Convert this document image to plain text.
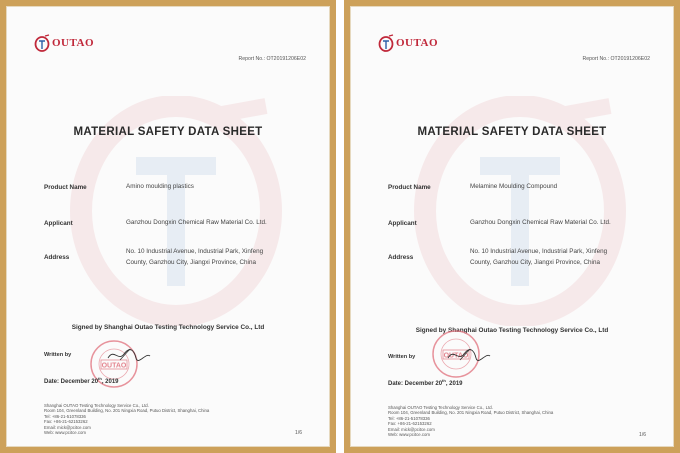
OUTAO
Report No.: OT20191206E02
MATERIAL SAFETY DATA SHEET
Product Name	Amino moulding plastics
Applicant	Ganzhou Dongxin Chemical Raw Material Co. Ltd.
Address
No. 10 Industrial Avenue, Industrial Park, Xinfeng
County, Ganzhou City, Jiangxi Province, China
Signed by Shanghai Outao Testing Technology Service Co., Ltd
Written by
OUTAO
Date: December 20th, 2019
Shanghai OUTAO Testing Technology Service Co., Ltd.
Room 104, Greenland Building, No. 201 Ningxia Road, Putuo District, Shanghai, China
Tel: +86-21-51078336
Fax: +86-21-62153262
Email: mick@pcitce.com
Web: www.pcitce.com	1/6
OUTAO
Report No.: OT20191206E02
MATERIAL SAFETY DATA SHEET
Product Name	Melamine Moulding Compound
Applicant	Ganzhou Dongxin Chemical Raw Material Co. Ltd.
Address
No. 10 Industrial Avenue, Industrial Park, Xinfeng
County, Ganzhou City, Jiangxi Province, China
Signed by Shanghai Outao Testing Technology Service Co., Ltd
Written by	OUTAO
Date: December 20th, 2019
Shanghai OUTAO Testing Technology Service Co., Ltd.
Room 104, Greenland Building, No. 201 Ningxia Road, Putuo District, Shanghai, China
Tel: +86-21-51078336
Fax: +86-21-62153262
Email: mick@pcitce.com
Web: www.pcitce.com	1/6
